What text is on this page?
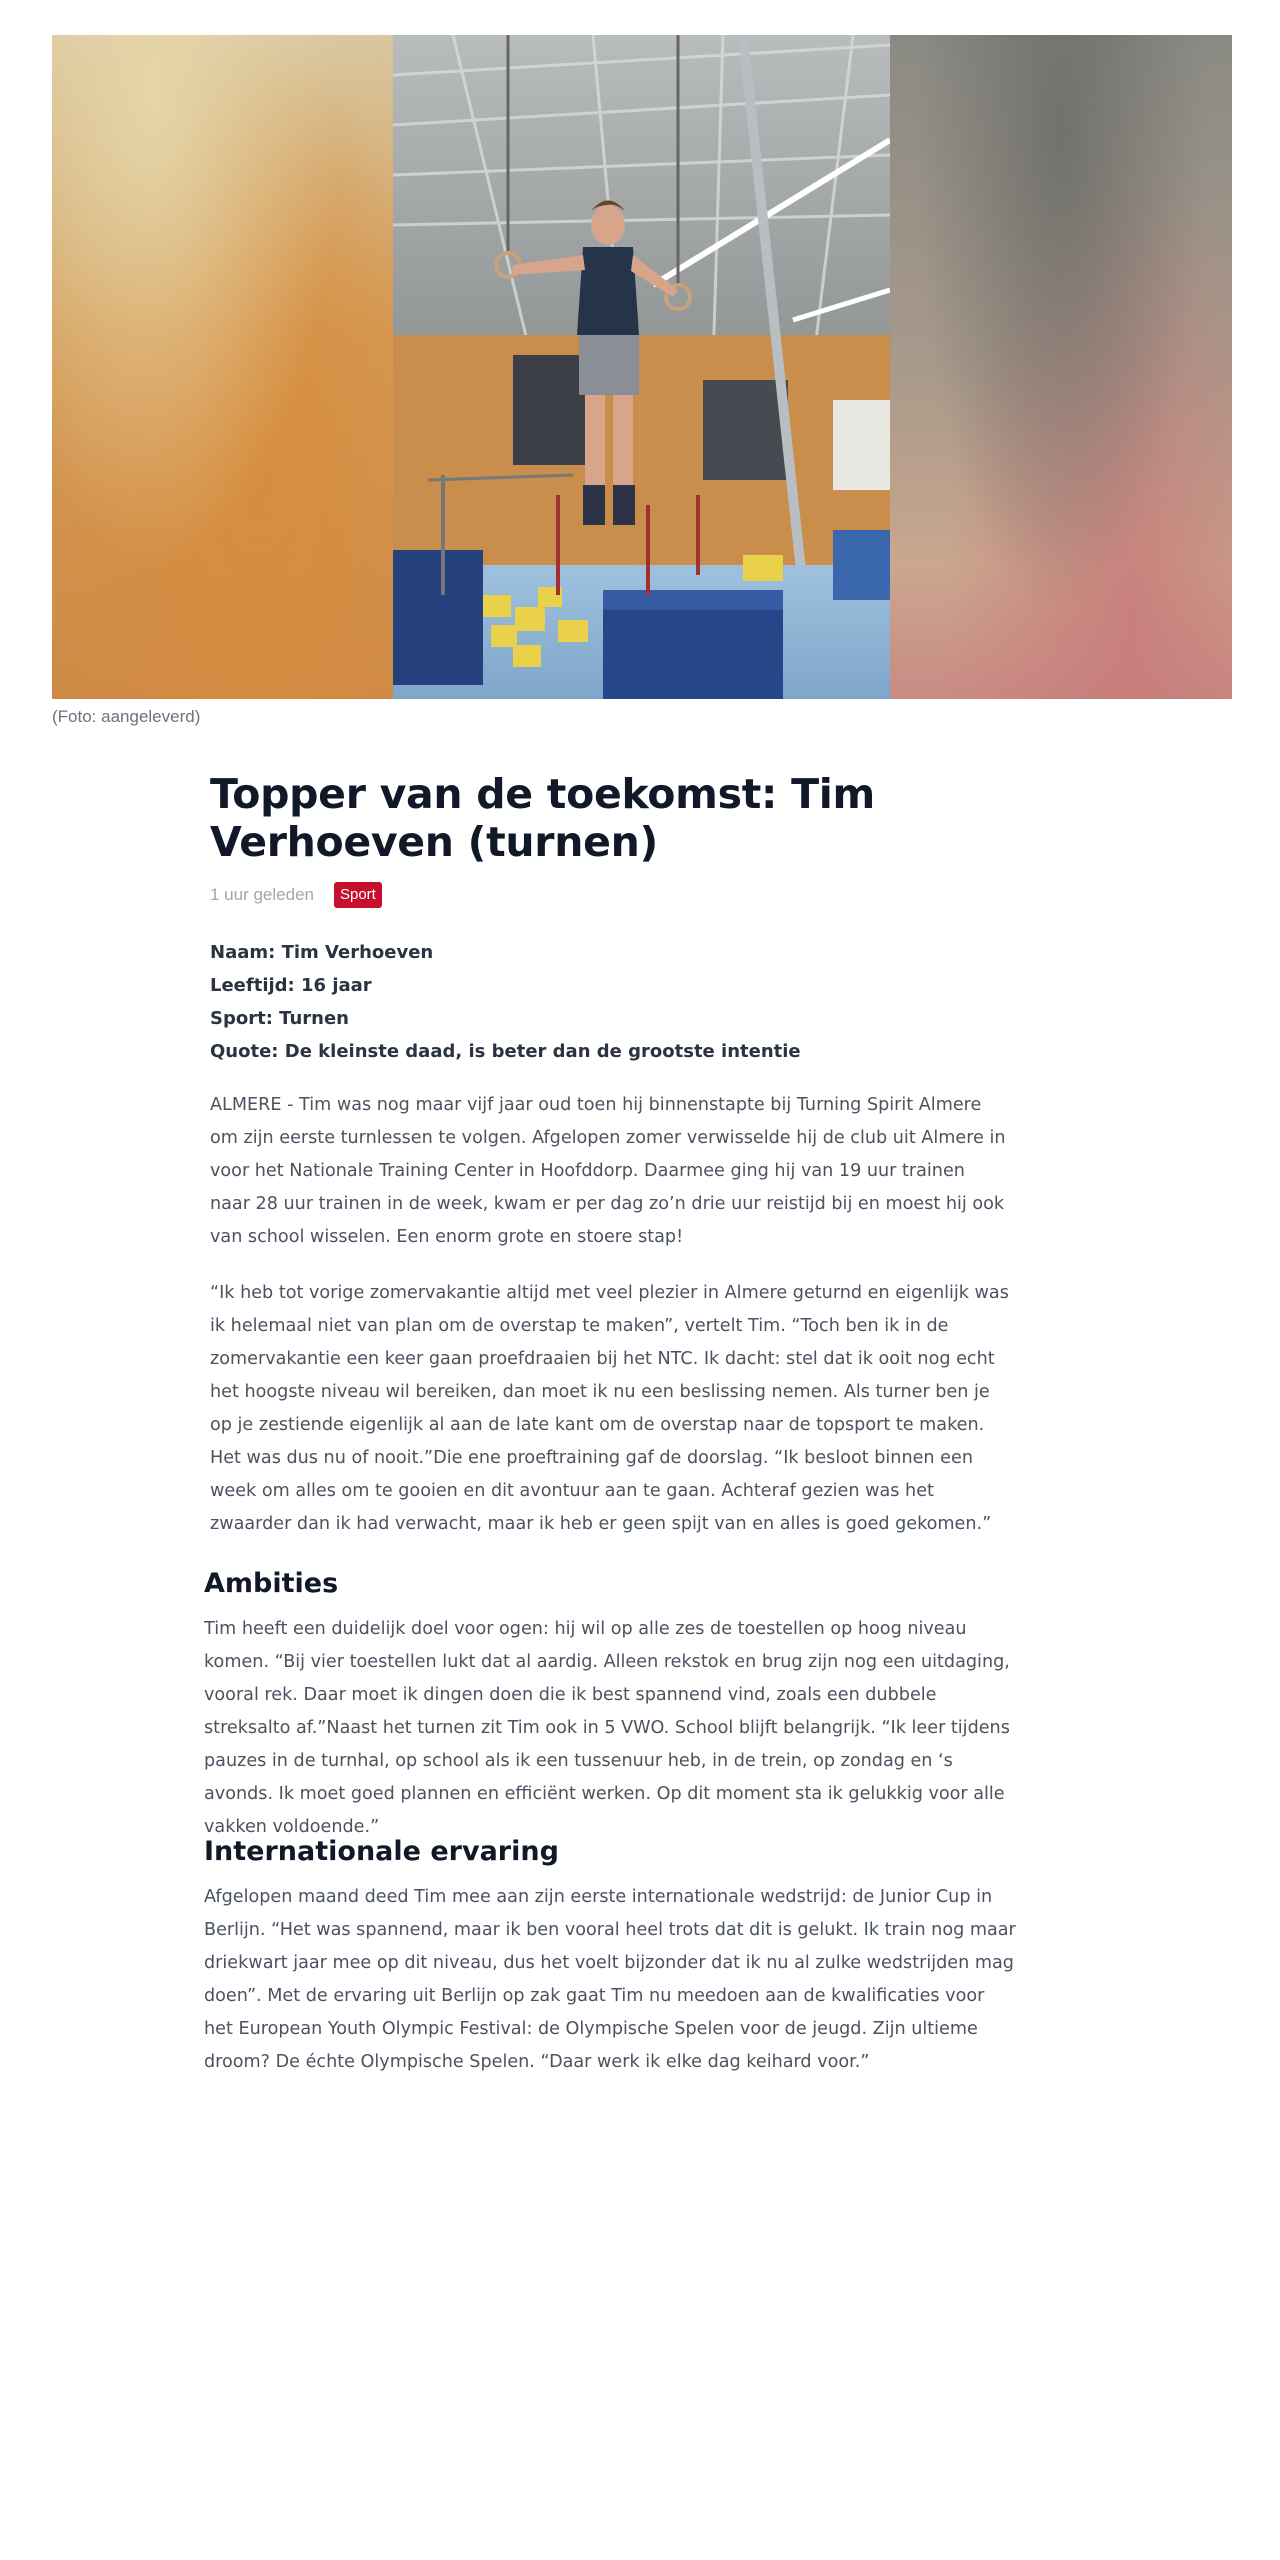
(Foto: aangeleverd)
Topper van de toekomst: Tim Verhoeven (turnen)
1 uur geleden	Sport
Naam: Tim Verhoeven
Leeftijd: 16 jaar
Sport: Turnen
Quote: De kleinste daad, is beter dan de grootste intentie

ALMERE - Tim was nog maar vijf jaar oud toen hij binnenstapte bij Turning Spirit Almere om zijn eerste turnlessen te volgen. Afgelopen zomer verwisselde hij de club uit Almere in voor het Nationale Training Center in Hoofddorp. Daarmee ging hij van 19 uur trainen naar 28 uur trainen in de week, kwam er per dag zo’n drie uur reistijd bij en moest hij ook van school wisselen. Een enorm grote en stoere stap!

“Ik heb tot vorige zomervakantie altijd met veel plezier in Almere geturnd en eigenlijk was ik helemaal niet van plan om de overstap te maken”, vertelt Tim. “Toch ben ik in de zomervakantie een keer gaan proefdraaien bij het NTC. Ik dacht: stel dat ik ooit nog echt het hoogste niveau wil bereiken, dan moet ik nu een beslissing nemen. Als turner ben je op je zestiende eigenlijk al aan de late kant om de overstap naar de topsport te maken. Het was dus nu of nooit.”Die ene proeftraining gaf de doorslag. “Ik besloot binnen een week om alles om te gooien en dit avontuur aan te gaan. Achteraf gezien was het zwaarder dan ik had verwacht, maar ik heb er geen spijt van en alles is goed gekomen.”

Ambities

Tim heeft een duidelijk doel voor ogen: hij wil op alle zes de toestellen op hoog niveau komen. “Bij vier toestellen lukt dat al aardig. Alleen rekstok en brug zijn nog een uitdaging, vooral rek. Daar moet ik dingen doen die ik best spannend vind, zoals een dubbele streksalto af.”Naast het turnen zit Tim ook in 5 VWO. School blijft belangrijk. “Ik leer tijdens pauzes in de turnhal, op school als ik een tussenuur heb, in de trein, op zondag en ‘s avonds. Ik moet goed plannen en efficiënt werken. Op dit moment sta ik gelukkig voor alle vakken voldoende.”

Internationale ervaring

Afgelopen maand deed Tim mee aan zijn eerste internationale wedstrijd: de Junior Cup in Berlijn. “Het was spannend, maar ik ben vooral heel trots dat dit is gelukt. Ik train nog maar driekwart jaar mee op dit niveau, dus het voelt bijzonder dat ik nu al zulke wedstrijden mag doen”. Met de ervaring uit Berlijn op zak gaat Tim nu meedoen aan de kwalificaties voor het European Youth Olympic Festival: de Olympische Spelen voor de jeugd. Zijn ultieme droom? De échte Olympische Spelen. “Daar werk ik elke dag keihard voor.”
